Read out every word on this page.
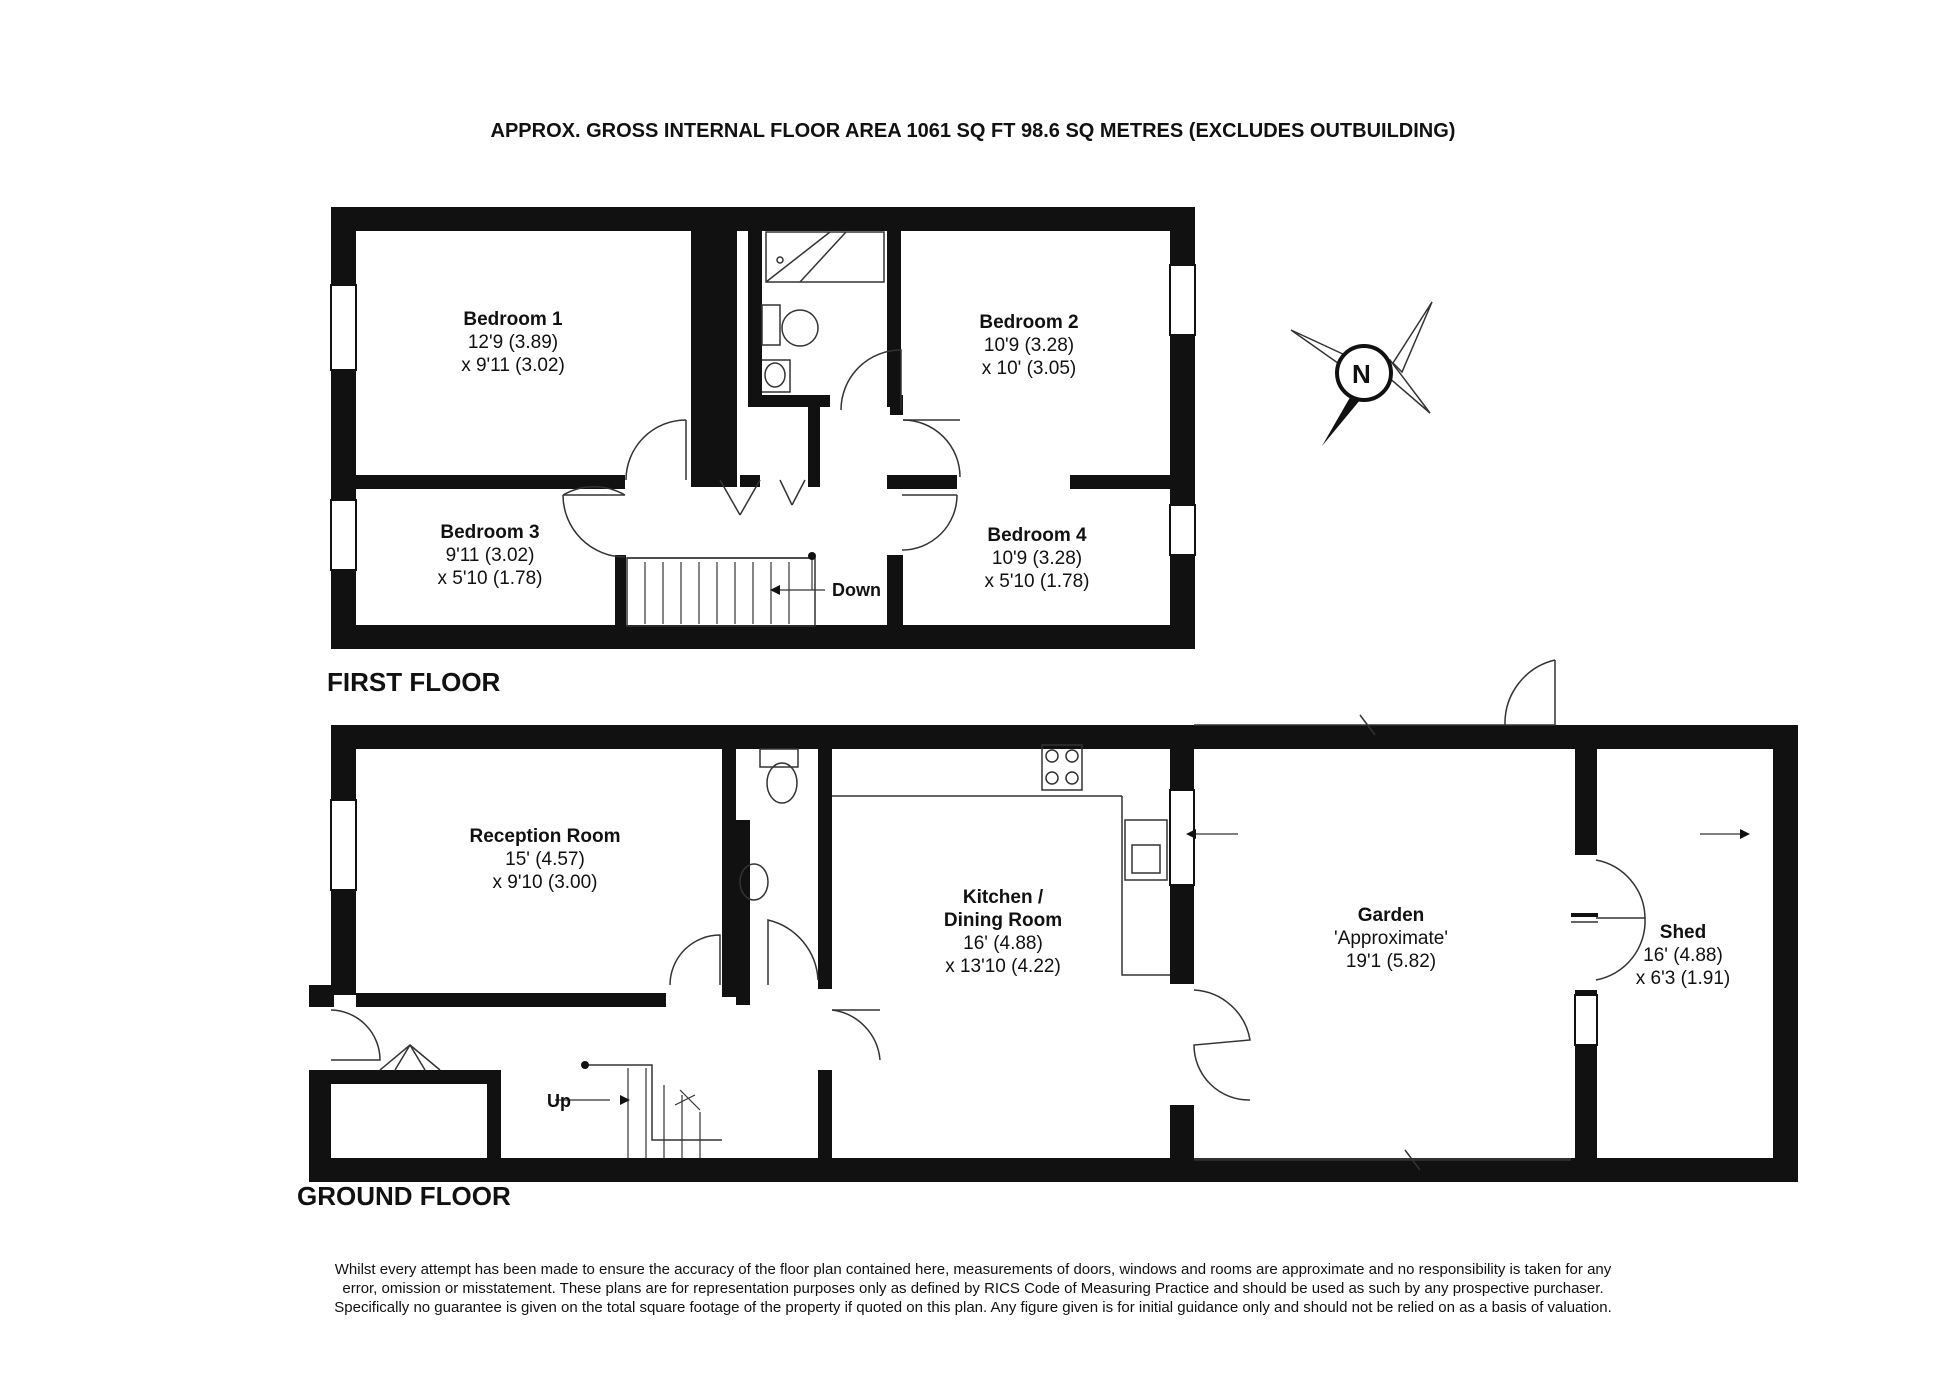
APPROX. GROSS INTERNAL FLOOR AREA 1061 SQ FT 98.6 SQ METRES (EXCLUDES OUTBUILDING)
N
Bedroom 1
12'9 (3.89)
x 9'11 (3.02)
Bedroom 2
10'9 (3.28)
x 10' (3.05)
Bedroom 3
9'11 (3.02)
x 5'10 (1.78)
Bedroom 4
10'9 (3.28)
x 5'10 (1.78)
Down
FIRST FLOOR
Reception Room
15' (4.57)
x 9'10 (3.00)
Kitchen /
Dining Room
16' (4.88)
x 13'10 (4.22)
Garden
'Approximate'
19'1 (5.82)
Shed
16' (4.88)
x 6'3 (1.91)
Up
GROUND FLOOR
Whilst every attempt has been made to ensure the accuracy of the floor plan contained here, measurements of doors, windows and rooms are approximate and no responsibility is taken for any
error, omission or misstatement. These plans are for representation purposes only as defined by RICS Code of Measuring Practice and should be used as such by any prospective purchaser.
Specifically no guarantee is given on the total square footage of the property if quoted on this plan. Any figure given is for initial guidance only and should not be relied on as a basis of valuation.
